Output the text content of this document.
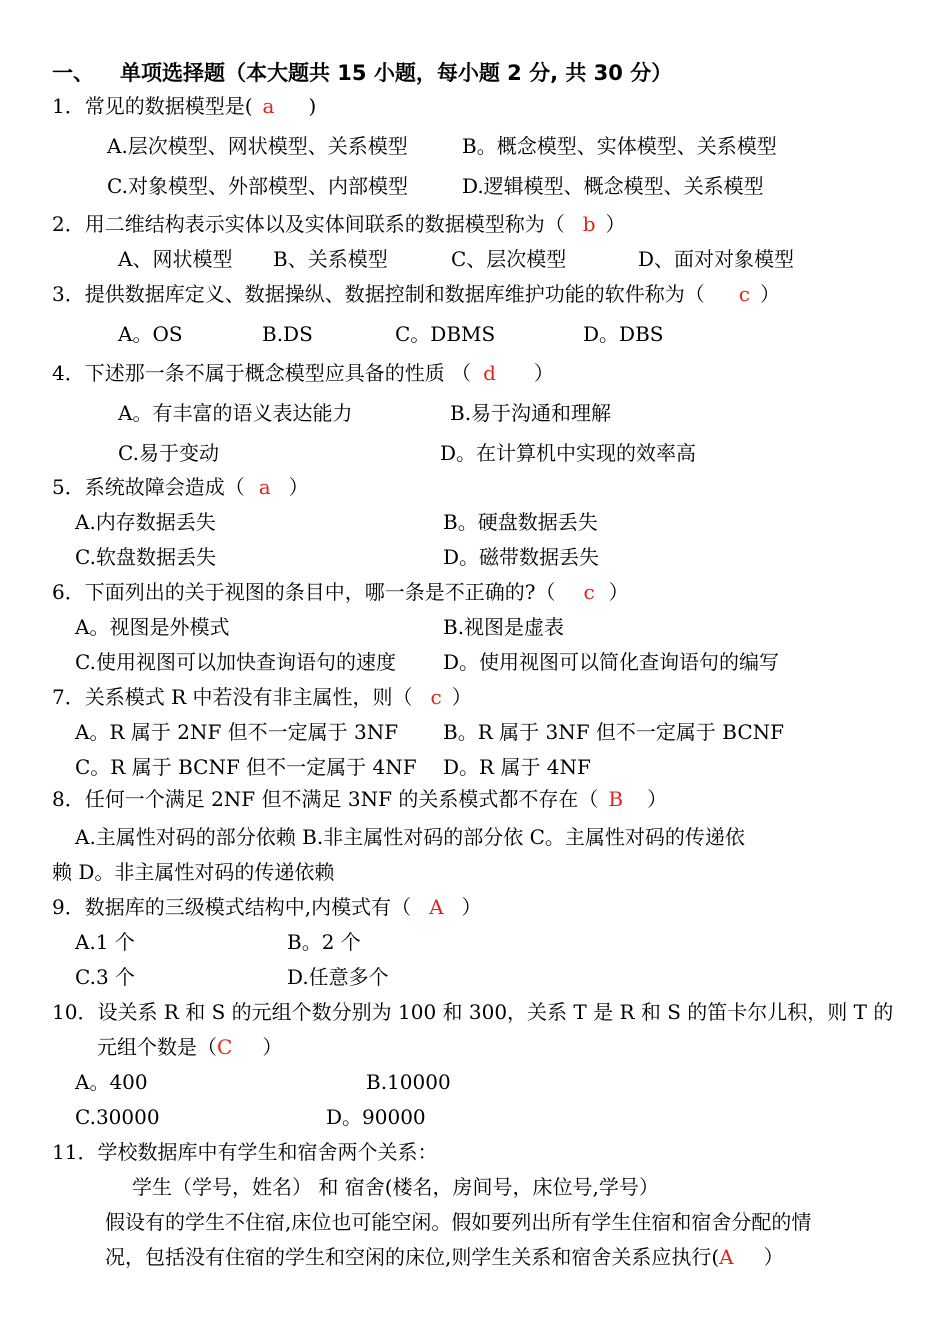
一、 单项选择题（本大题共 15 小题，每小题 2 分, 共 30 分）
1．常见的数据模型是( a )
A.层次模型、网状模型、关系模型	B。概念模型、实体模型、关系模型
C.对象模型、外部模型、内部模型	D.逻辑模型、概念模型、关系模型
2．用二维结构表示实体以及实体间联系的数据模型称为（ b ）
A、网状模型 B、关系模型	C、层次模型	D、面对对象模型
3．提供数据库定义、数据操纵、数据控制和数据库维护功能的软件称为（ c ）
A。OS	B.DS	C。DBMS	D。DBS
4．下述那一条不属于概念模型应具备的性质 （ d ）
A。有丰富的语义表达能力	B.易于沟通和理解
C.易于变动	D。在计算机中实现的效率高
5．系统故障会造成（ a ）
A.内存数据丢失	B。硬盘数据丢失
C.软盘数据丢失	D。磁带数据丢失
6．下面列出的关于视图的条目中，哪一条是不正确的?（ c ）
A。视图是外模式	B.视图是虚表
C.使用视图可以加快查询语句的速度 D。使用视图可以简化查询语句的编写
7．关系模式 R 中若没有非主属性，则（ c ）
A。R 属于 2NF 但不一定属于 3NF B。R 属于 3NF 但不一定属于 BCNF
C。R 属于 BCNF 但不一定属于 4NF D。R 属于 4NF
8．任何一个满足 2NF 但不满足 3NF 的关系模式都不存在（ B ）
A.主属性对码的部分依赖 B.非主属性对码的部分依 C。主属性对码的传递依
赖 D。非主属性对码的传递依赖
9．数据库的三级模式结构中,内模式有（ A ）
A.1 个	B。2 个
C.3 个	D.任意多个
10．设关系 R 和 S 的元组个数分别为 100 和 300，关系 T 是 R 和 S 的笛卡尔儿积，则 T 的
元组个数是（C ）
A。400	B.10000
C.30000	D。90000
11．学校数据库中有学生和宿舍两个关系：
学生（学号，姓名） 和 宿舍(楼名，房间号，床位号,学号）
假设有的学生不住宿,床位也可能空闲。假如要列出所有学生住宿和宿舍分配的情
况，包括没有住宿的学生和空闲的床位,则学生关系和宿舍关系应执行(A ）
